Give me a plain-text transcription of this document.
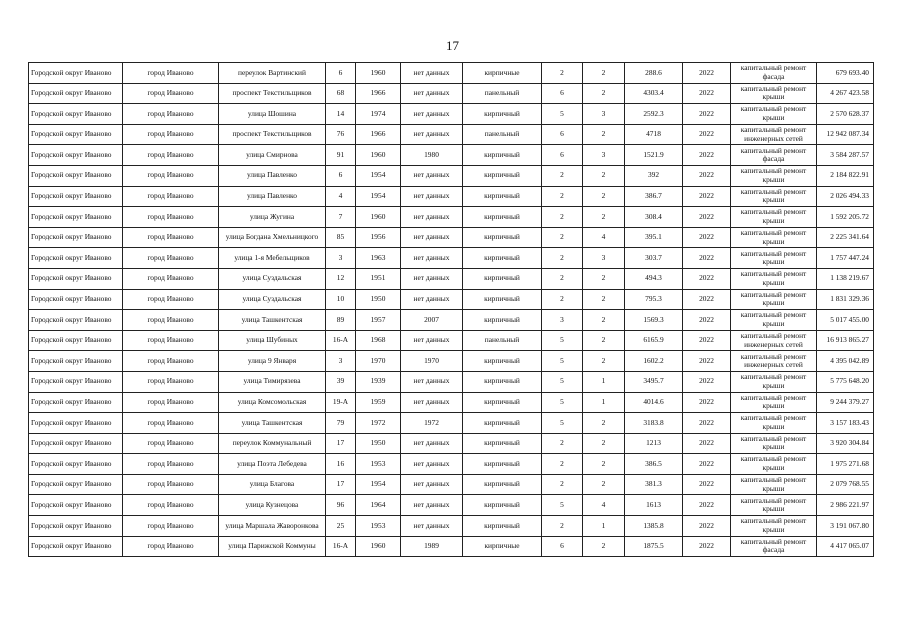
17
Городской округ Иваново	город Иваново	переулок Вартинский	6	1960	нет данных	кирпичные	2	2	288.6	2022	капитальный ремонт фасада	679 693.40
Городской округ Иваново	город Иваново	проспект Текстильщиков	68	1966	нет данных	панельный	6	2	4303.4	2022	капитальный ремонт крыши	4 267 423.58
Городской округ Иваново	город Иваново	улица Шошина	14	1974	нет данных	кирпичный	5	3	2592.3	2022	капитальный ремонт крыши	2 570 628.37
Городской округ Иваново	город Иваново	проспект Текстильщиков	76	1966	нет данных	панельный	6	2	4718	2022	капитальный ремонт инженерных сетей	12 942 087.34
Городской округ Иваново	город Иваново	улица Смирнова	91	1960	1980	кирпичный	6	3	1521.9	2022	капитальный ремонт фасада	3 584 287.57
Городской округ Иваново	город Иваново	улица Павленко	6	1954	нет данных	кирпичный	2	2	392	2022	капитальный ремонт крыши	2 184 822.91
Городской округ Иваново	город Иваново	улица Павленко	4	1954	нет данных	кирпичный	2	2	386.7	2022	капитальный ремонт крыши	2 026 494.33
Городской округ Иваново	город Иваново	улица Жугина	7	1960	нет данных	кирпичный	2	2	308.4	2022	капитальный ремонт крыши	1 592 205.72
Городской округ Иваново	город Иваново	улица Богдана Хмельницкого	85	1956	нет данных	кирпичный	2	4	395.1	2022	капитальный ремонт крыши	2 225 341.64
Городской округ Иваново	город Иваново	улица 1-я Мебельщиков	3	1963	нет данных	кирпичный	2	3	303.7	2022	капитальный ремонт крыши	1 757 447.24
Городской округ Иваново	город Иваново	улица Суздальская	12	1951	нет данных	кирпичный	2	2	494.3	2022	капитальный ремонт крыши	1 138 219.67
Городской округ Иваново	город Иваново	улица Суздальская	10	1950	нет данных	кирпичный	2	2	795.3	2022	капитальный ремонт крыши	1 831 329.36
Городской округ Иваново	город Иваново	улица Ташкентская	89	1957	2007	кирпичный	3	2	1569.3	2022	капитальный ремонт крыши	5 017 455.00
Городской округ Иваново	город Иваново	улица Шубиных	16-А	1968	нет данных	панельный	5	2	6165.9	2022	капитальный ремонт инженерных сетей	16 913 865.27
Городской округ Иваново	город Иваново	улица 9 Января	3	1970	1970	кирпичный	5	2	1602.2	2022	капитальный ремонт инженерных сетей	4 395 042.89
Городской округ Иваново	город Иваново	улица Тимирязева	39	1939	нет данных	кирпичный	5	1	3495.7	2022	капитальный ремонт крыши	5 775 648.20
Городской округ Иваново	город Иваново	улица Комсомольская	19-А	1959	нет данных	кирпичный	5	1	4014.6	2022	капитальный ремонт крыши	9 244 379.27
Городской округ Иваново	город Иваново	улица Ташкентская	79	1972	1972	кирпичный	5	2	3183.8	2022	капитальный ремонт крыши	3 157 183.43
Городской округ Иваново	город Иваново	переулок Коммунальный	17	1950	нет данных	кирпичный	2	2	1213	2022	капитальный ремонт крыши	3 920 304.84
Городской округ Иваново	город Иваново	улица Поэта Лебедева	16	1953	нет данных	кирпичный	2	2	386.5	2022	капитальный ремонт крыши	1 975 271.68
Городской округ Иваново	город Иваново	улица Благова	17	1954	нет данных	кирпичный	2	2	381.3	2022	капитальный ремонт крыши	2 079 768.55
Городской округ Иваново	город Иваново	улица Кузнецова	96	1964	нет данных	кирпичный	5	4	1613	2022	капитальный ремонт крыши	2 986 221.97
Городской округ Иваново	город Иваново	улица Маршала Жаворонкова	25	1953	нет данных	кирпичный	2	1	1385.8	2022	капитальный ремонт крыши	3 191 067.80
Городской округ Иваново	город Иваново	улица Парижской Коммуны	16-А	1960	1989	кирпичные	6	2	1875.5	2022	капитальный ремонт фасада	4 417 065.07
